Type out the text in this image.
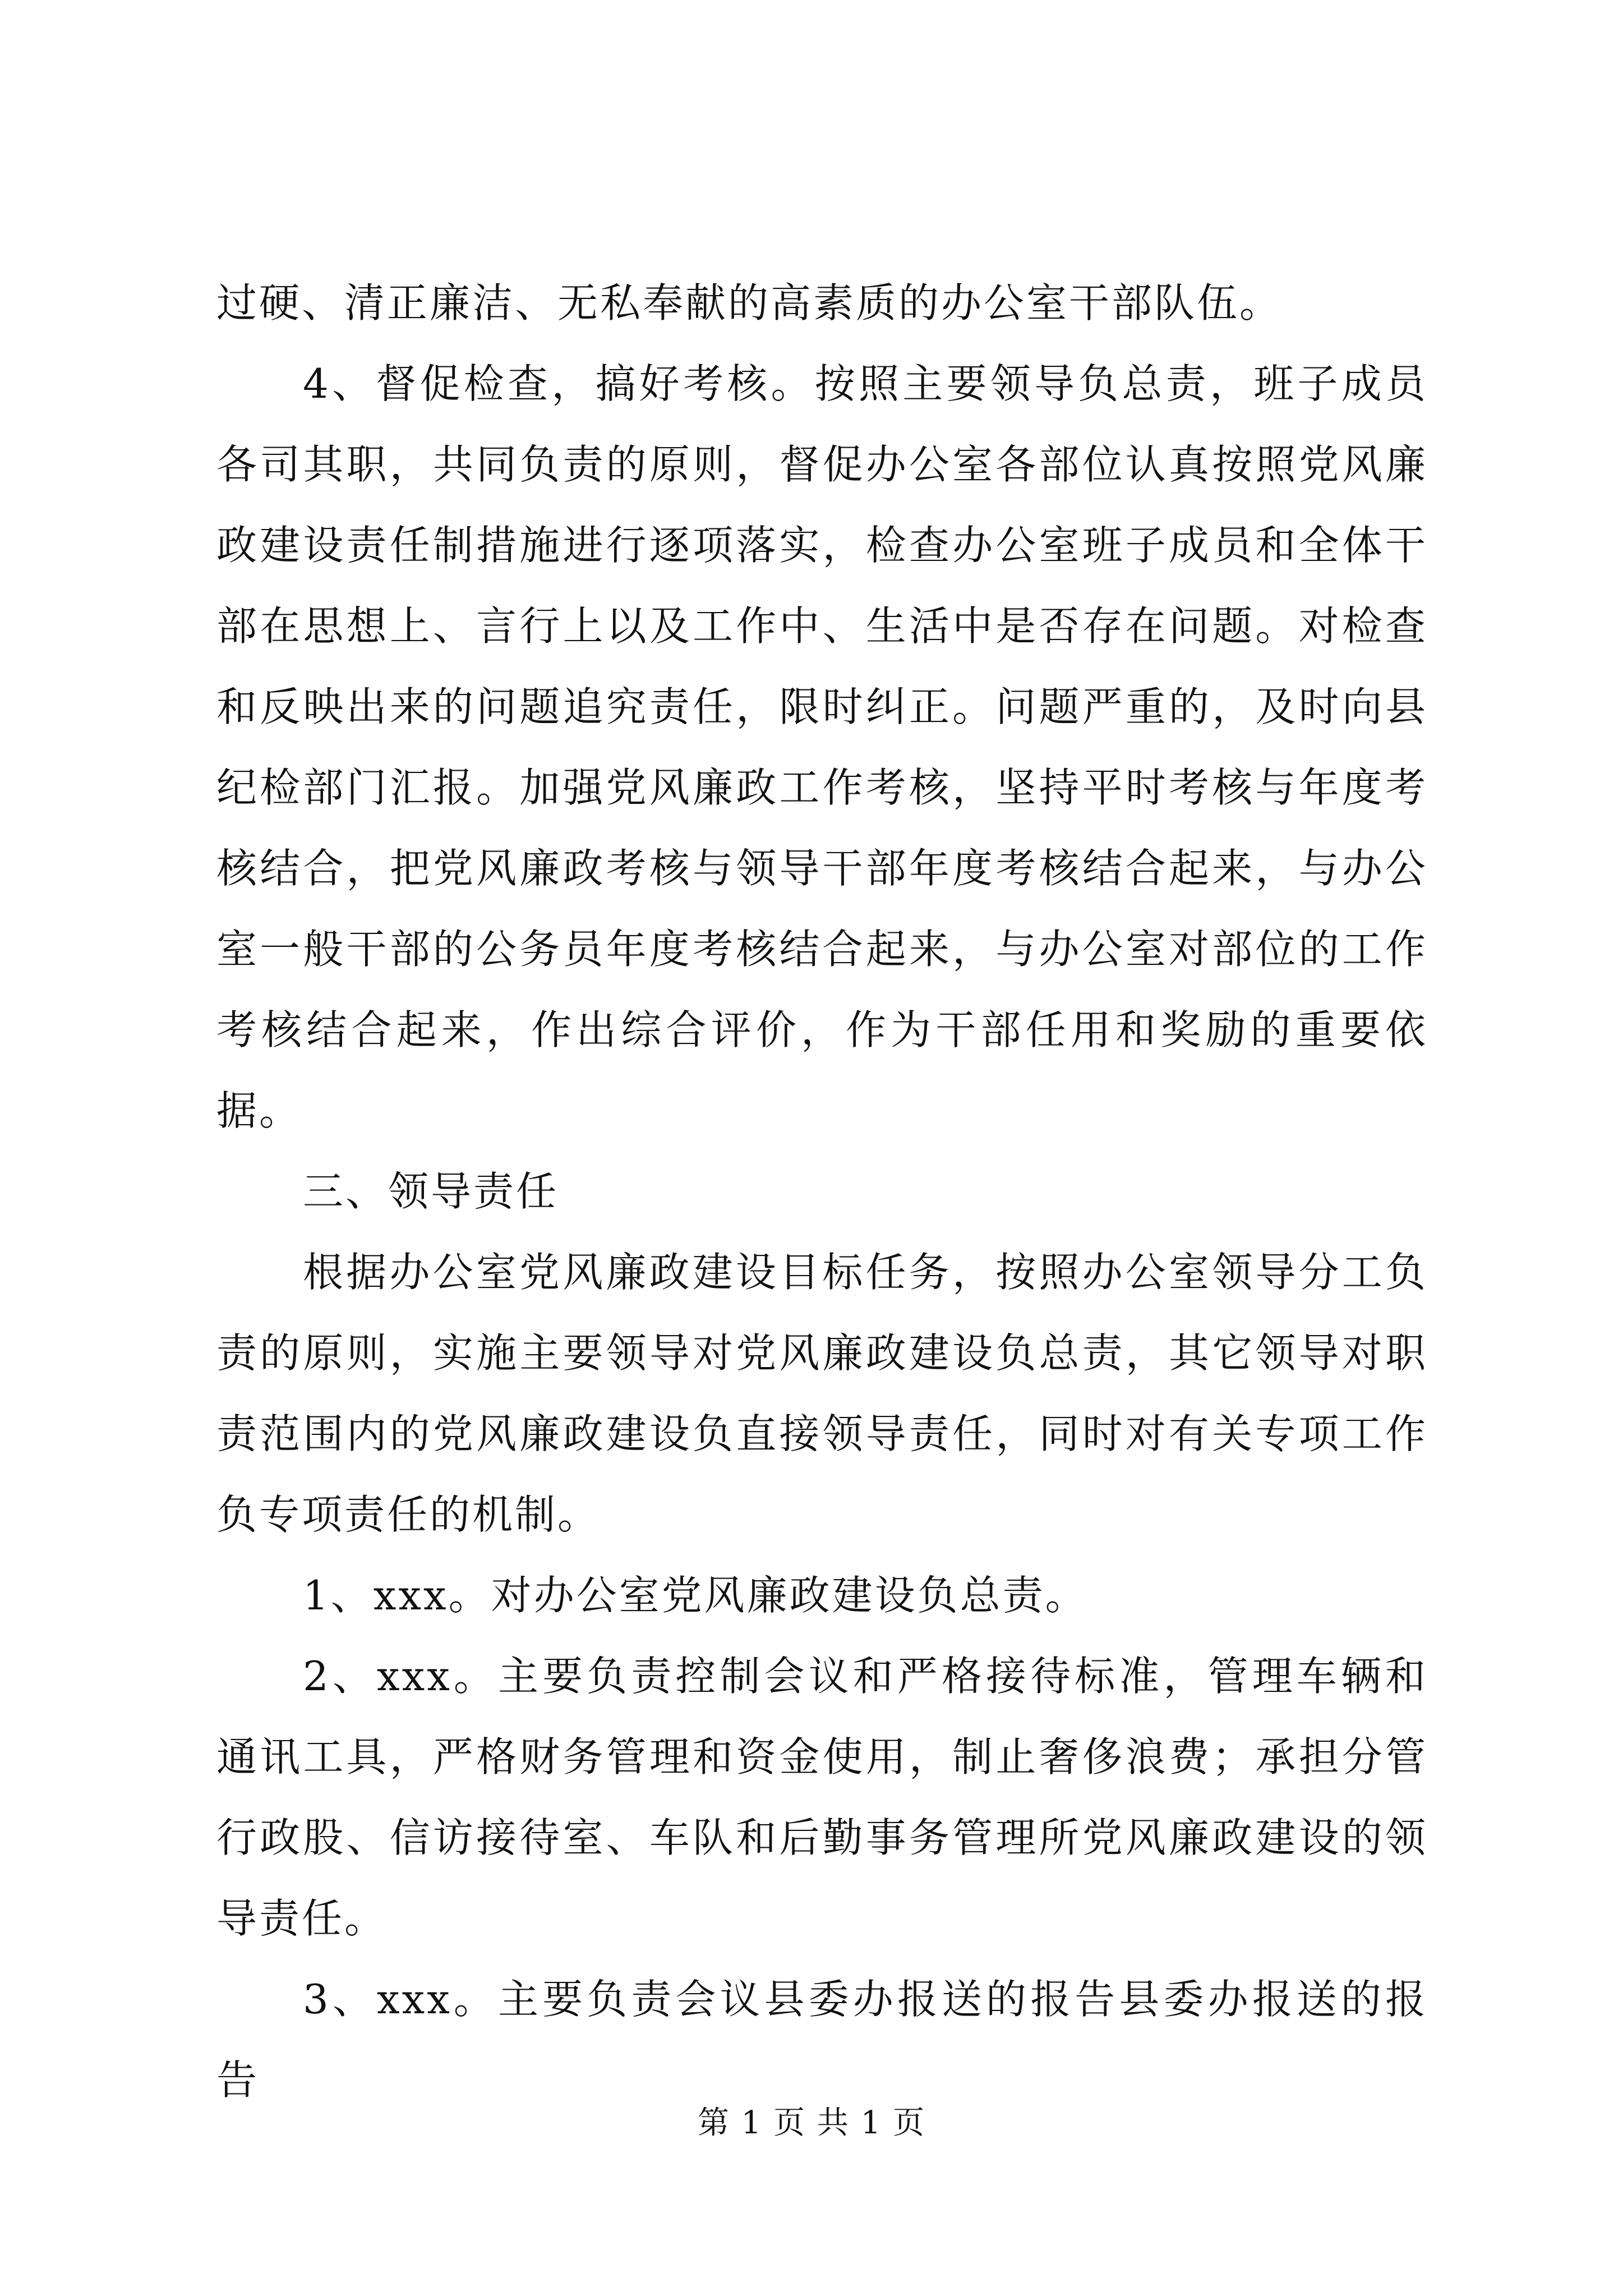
过硬、清正廉洁、无私奉献的高素质的办公室干部队伍。

4、督促检查，搞好考核。按照主要领导负总责，班子成员各司其职，共同负责的原则，督促办公室各部位认真按照党风廉政建设责任制措施进行逐项落实，检查办公室班子成员和全体干部在思想上、言行上以及工作中、生活中是否存在问题。对检查和反映出来的问题追究责任，限时纠正。问题严重的，及时向县纪检部门汇报。加强党风廉政工作考核，坚持平时考核与年度考核结合，把党风廉政考核与领导干部年度考核结合起来，与办公室一般干部的公务员年度考核结合起来，与办公室对部位的工作考核结合起来，作出综合评价，作为干部任用和奖励的重要依据。

三、领导责任

根据办公室党风廉政建设目标任务，按照办公室领导分工负责的原则，实施主要领导对党风廉政建设负总责，其它领导对职责范围内的党风廉政建设负直接领导责任，同时对有关专项工作负专项责任的机制。

1、xxx。对办公室党风廉政建设负总责。

2、xxx。主要负责控制会议和严格接待标准，管理车辆和通讯工具，严格财务管理和资金使用，制止奢侈浪费；承担分管行政股、信访接待室、车队和后勤事务管理所党风廉政建设的领导责任。

3、xxx。主要负责会议县委办报送的报告县委办报送的报告

第 1 页 共 1 页
